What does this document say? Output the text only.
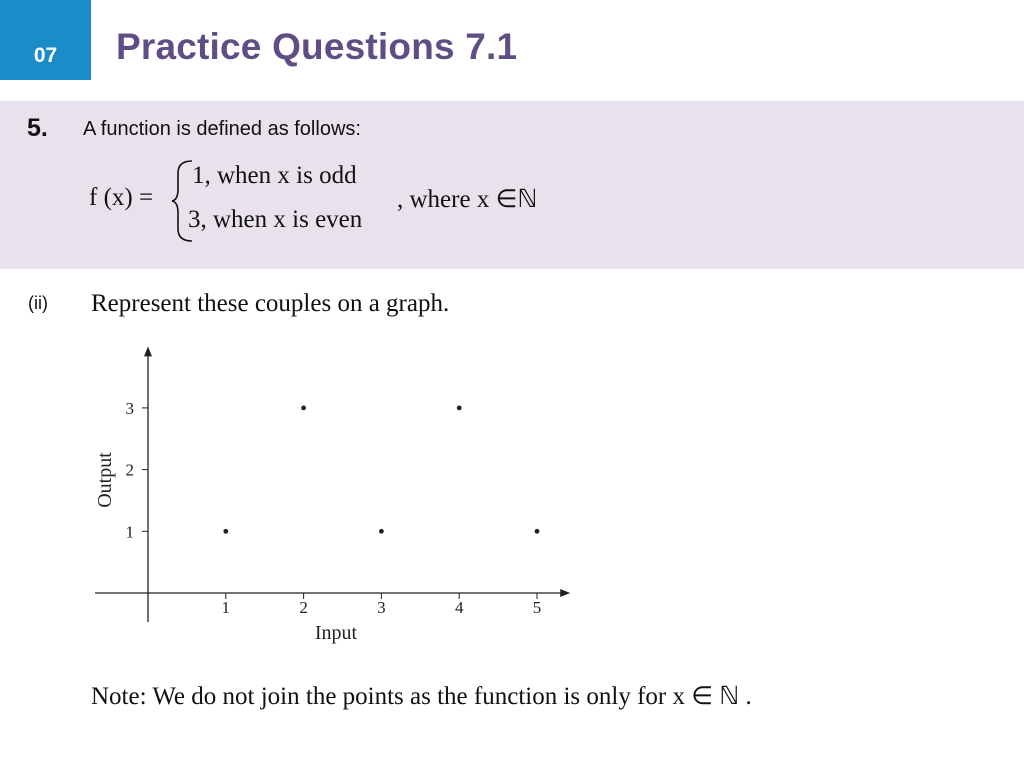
07 Practice Questions 7.1
5. A function is defined as follows:
f (x) =
1, when x is odd
3, when x is even
, where x ∈ℕ
(ii) Represent these couples on a graph.
1	2	3	4	5
1
2
3
Input
Output
Note: We do not join the points as the function is only for x ∈ ℕ .
